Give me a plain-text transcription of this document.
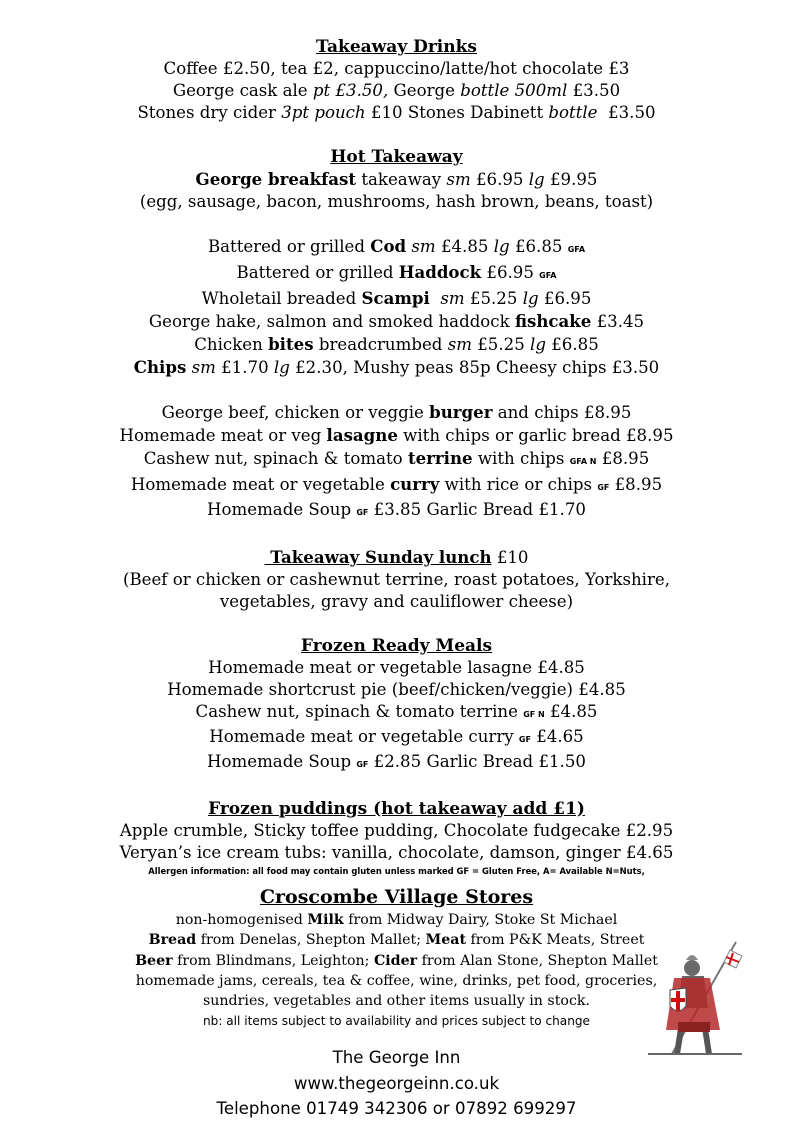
Takeaway Drinks
Coffee £2.50, tea £2, cappuccino/latte/hot chocolate £3
George cask ale pt £3.50, George bottle 500ml £3.50
Stones dry cider 3pt pouch £10 Stones Dabinett bottle  £3.50
Hot Takeaway
George breakfast takeaway sm £6.95 lg £9.95
(egg, sausage, bacon, mushrooms, hash brown, beans, toast)
Battered or grilled Cod sm £4.85 lg £6.85 GFA
Battered or grilled Haddock £6.95 GFA
Wholetail breaded Scampi sm £5.25 lg £6.95
George hake, salmon and smoked haddock fishcake £3.45
Chicken bites breadcrumbed sm £5.25 lg £6.85
Chips sm £1.70 lg £2.30, Mushy peas 85p Cheesy chips £3.50
George beef, chicken or veggie burger and chips £8.95
Homemade meat or veg lasagne with chips or garlic bread £8.95
Cashew nut, spinach & tomato terrine with chips GFA N £8.95
Homemade meat or vegetable curry with rice or chips GF £8.95
Homemade Soup GF £3.85 Garlic Bread £1.70
Takeaway Sunday lunch £10
(Beef or chicken or cashewnut terrine, roast potatoes, Yorkshire,
vegetables, gravy and cauliflower cheese)
Frozen Ready Meals
Homemade meat or vegetable lasagne £4.85
Homemade shortcrust pie (beef/chicken/veggie) £4.85
Cashew nut, spinach & tomato terrine GF N £4.85
Homemade meat or vegetable curry GF £4.65
Homemade Soup GF £2.85 Garlic Bread £1.50
Frozen puddings (hot takeaway add £1)
Apple crumble, Sticky toffee pudding, Chocolate fudgecake £2.95
Veryan’s ice cream tubs: vanilla, chocolate, damson, ginger £4.65
Allergen information: all food may contain gluten unless marked GF = Gluten Free, A= Available N=Nuts,
Croscombe Village Stores
non-homogenised Milk from Midway Dairy, Stoke St Michael
Bread from Denelas, Shepton Mallet; Meat from P&K Meats, Street
Beer from Blindmans, Leighton; Cider from Alan Stone, Shepton Mallet
homemade jams, cereals, tea & coffee, wine, drinks, pet food, groceries,
sundries, vegetables and other items usually in stock.
nb: all items subject to availability and prices subject to change
The George Inn
www.thegeorgeinn.co.uk
Telephone 01749 342306 or 07892 699297
